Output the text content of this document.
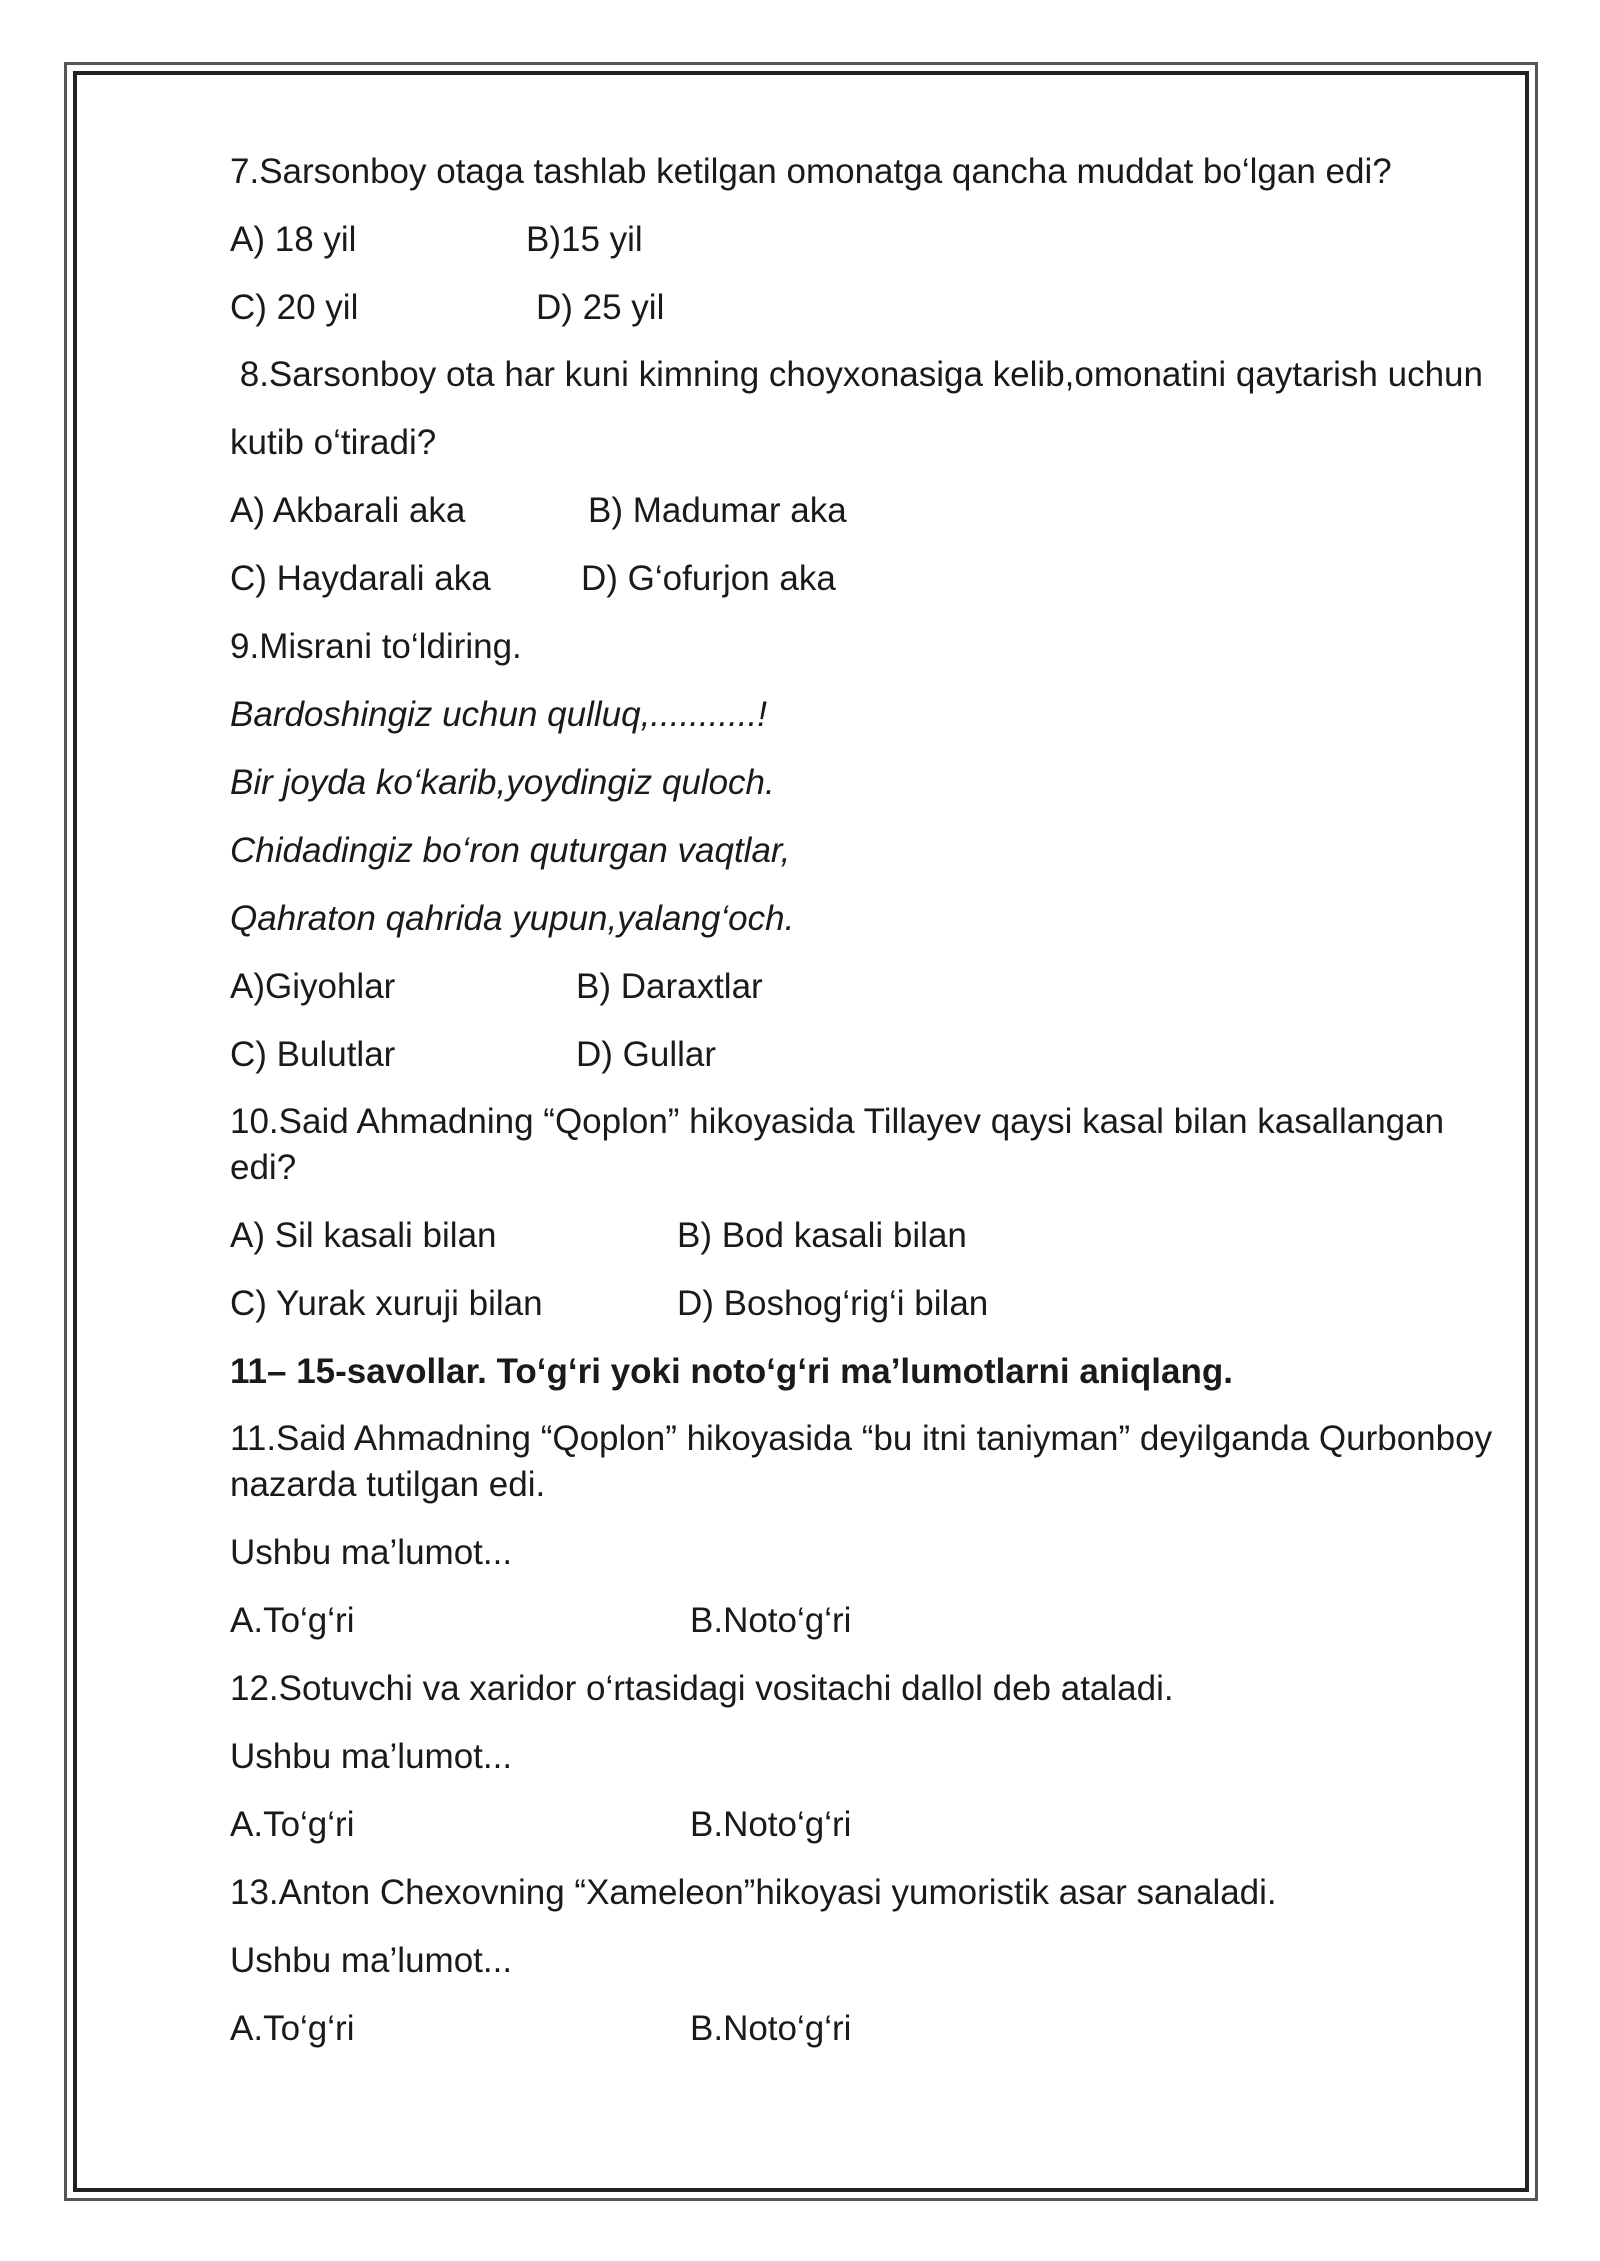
7.Sarsonboy otaga tashlab ketilgan omonatga qancha muddat bo‘lgan edi?
A) 18 yil	B)15 yil
C) 20 yil	D) 25 yil
8.Sarsonboy ota har kuni kimning choyxonasiga kelib,omonatini qaytarish uchun
kutib o‘tiradi?
A) Akbarali aka	B) Madumar aka
C) Haydarali aka	D) G‘ofurjon aka
9.Misrani to‘ldiring.
Bardoshingiz uchun qulluq,...........!
Bir joyda ko‘karib,yoydingiz quloch.
Chidadingiz bo‘ron quturgan vaqtlar,
Qahraton qahrida yupun,yalang‘och.
A)Giyohlar	B) Daraxtlar
C) Bulutlar	D) Gullar
10.Said Ahmadning “Qoplon” hikoyasida Tillayev qaysi kasal bilan kasallangan edi?
A) Sil kasali bilan	B) Bod kasali bilan
C) Yurak xuruji bilan	D) Boshog‘rig‘i bilan
11– 15-savollar. To‘g‘ri yoki noto‘g‘ri ma’lumotlarni aniqlang.
11.Said Ahmadning “Qoplon” hikoyasida “bu itni taniyman” deyilganda Qurbonboy nazarda tutilgan edi.
Ushbu ma’lumot...
A.To‘g‘ri	B.Noto‘g‘ri
12.Sotuvchi va xaridor o‘rtasidagi vositachi dallol deb ataladi.
Ushbu ma’lumot...
A.To‘g‘ri	B.Noto‘g‘ri
13.Anton Chexovning “Xameleon”hikoyasi yumoristik asar sanaladi.
Ushbu ma’lumot...
A.To‘g‘ri	B.Noto‘g‘ri
